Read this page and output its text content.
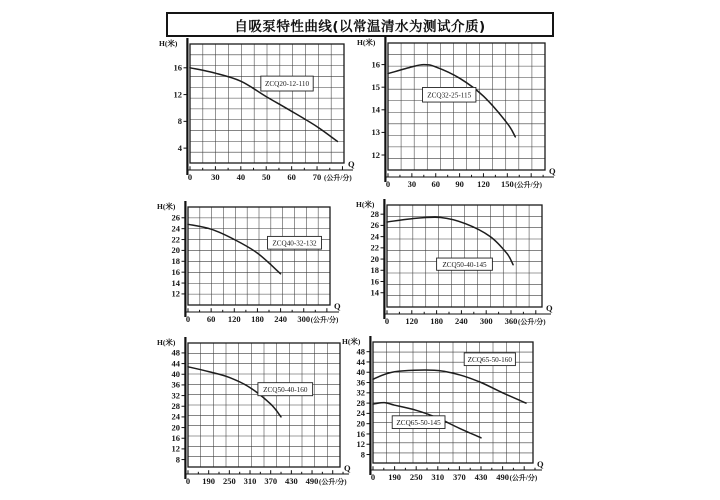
自吸泵特性曲线(以常温清水为测试介质)
H(米)
16
12
8
4
0 30 40 50 60 70 (公升/分)
Q
ZCQ20-12-110
H(米)
16
15
14
13
12
0 30 60 90 120 150 (公升/分)
Q
ZCQ32-25-115
H(米)
26
24
22
20
18
16
14
12
0 60 120 180 240 300 (公升/分)
Q
ZCQ40-32-132
H(米)
28
26
24
22
20
18
16
14
0 120 180 240 300 360 (公升/分)
Q
ZCQ50-40-145
H(米)
48
44
40
36
32
28
24
20
16
12
8
0 190 250 310 370 430 490 (公升/分)
Q
ZCQ50-40-160
H(米)
48
44
40
36
32
28
24
20
16
12
8
0 190 250 310 370 430 490 (公升/分)
Q
ZCQ65-50-160
ZCQ65-50-145
